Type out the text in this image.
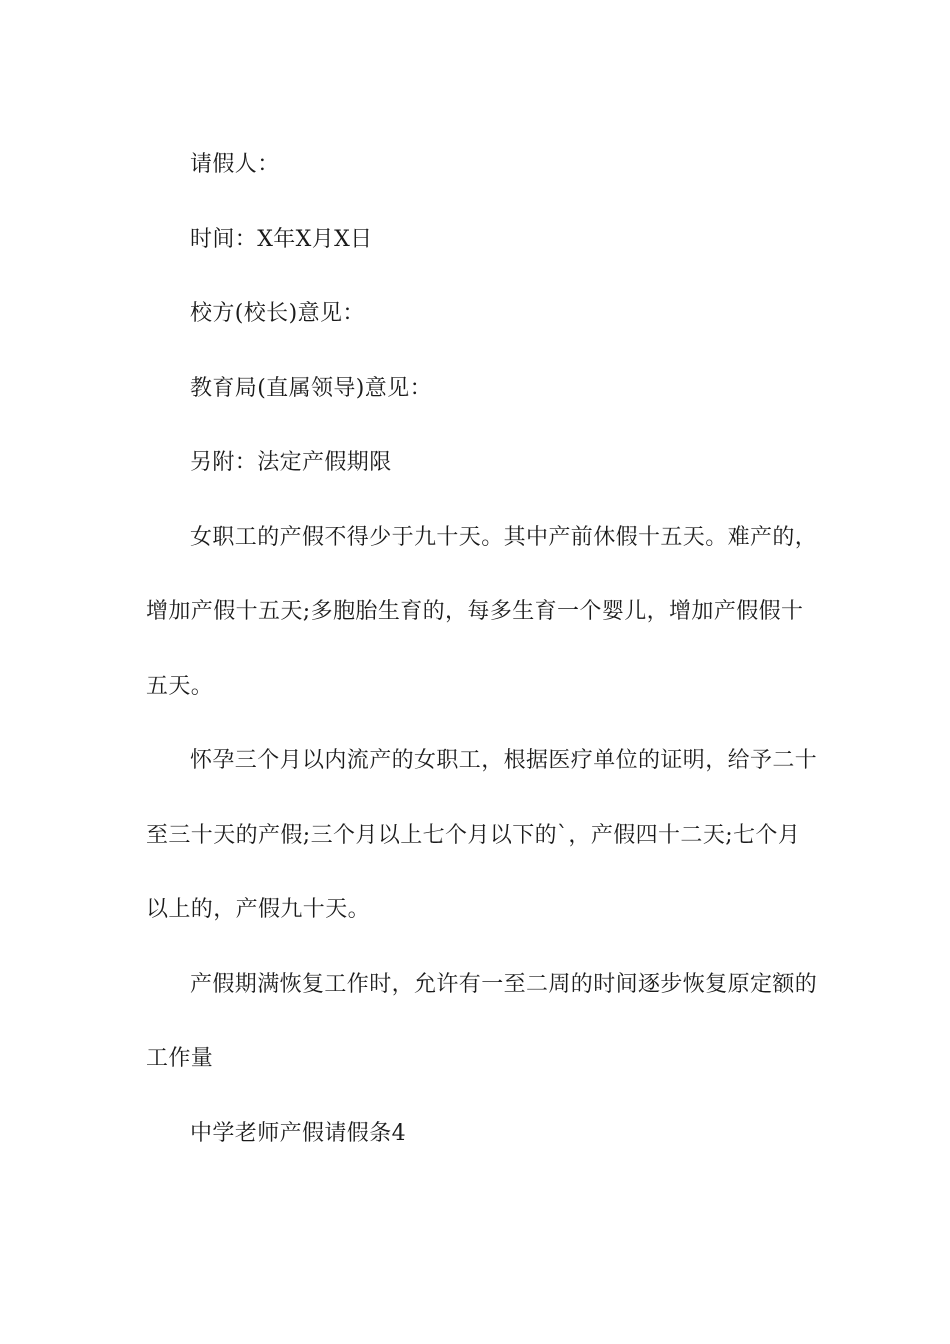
请假人：

时间：X年X月X日

校方(校长)意见：

教育局(直属领导)意见：

另附：法定产假期限

女职工的产假不得少于九十天。其中产前休假十五天。难产的，增加产假十五天;多胞胎生育的，每多生育一个婴儿，增加产假假十五天。

怀孕三个月以内流产的女职工，根据医疗单位的证明，给予二十至三十天的产假;三个月以上七个月以下的`，产假四十二天;七个月以上的，产假九十天。

产假期满恢复工作时，允许有一至二周的时间逐步恢复原定额的工作量

中学老师产假请假条4
